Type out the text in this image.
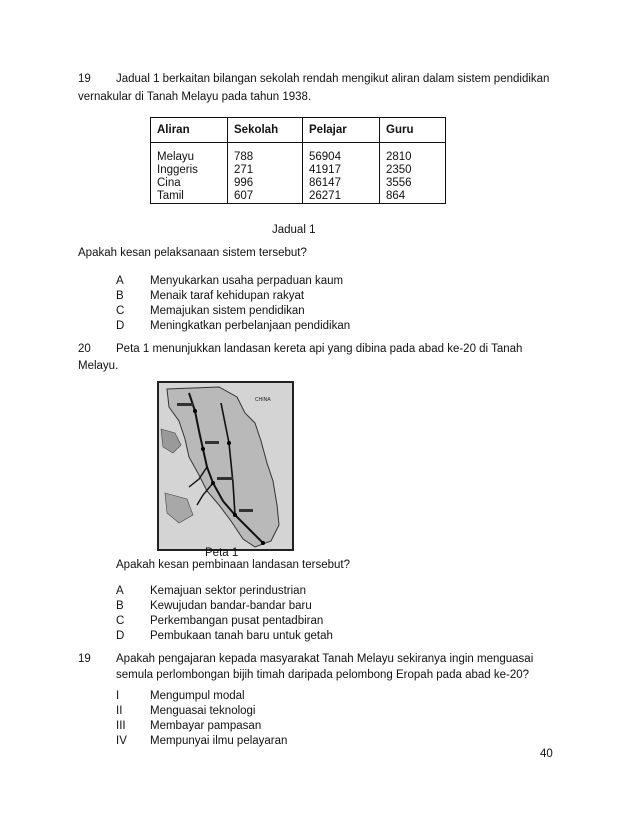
19 Jadual 1 berkaitan bilangan sekolah rendah mengikut aliran dalam sistem pendidikan
vernakular di Tanah Melayu pada tahun 1938.
Aliran	Sekolah	Pelajar	Guru
Melayu	788	56904	2810
Inggeris	271	41917	2350
Cina	996	86147	3556
Tamil	607	26271	864
Jadual 1
Apakah kesan pelaksanaan sistem tersebut?
A	Menyukarkan usaha perpaduan kaum
B	Menaik taraf kehidupan rakyat
C	Memajukan sistem pendidikan
D	Meningkatkan perbelanjaan pendidikan
20 Peta 1 menunjukkan landasan kereta api yang dibina pada abad ke-20 di Tanah
Melayu.
CHINA
Peta 1
Apakah kesan pembinaan landasan tersebut?
A	Kemajuan sektor perindustrian
B	Kewujudan bandar-bandar baru
C	Perkembangan pusat pentadbiran
D	Pembukaan tanah baru untuk getah
19 Apakah pengajaran kepada masyarakat Tanah Melayu sekiranya ingin menguasai
semula perlombongan bijih timah daripada pelombong Eropah pada abad ke-20?
I	Mengumpul modal
II	Menguasai teknologi
III	Membayar pampasan
IV	Mempunyai ilmu pelayaran
40
